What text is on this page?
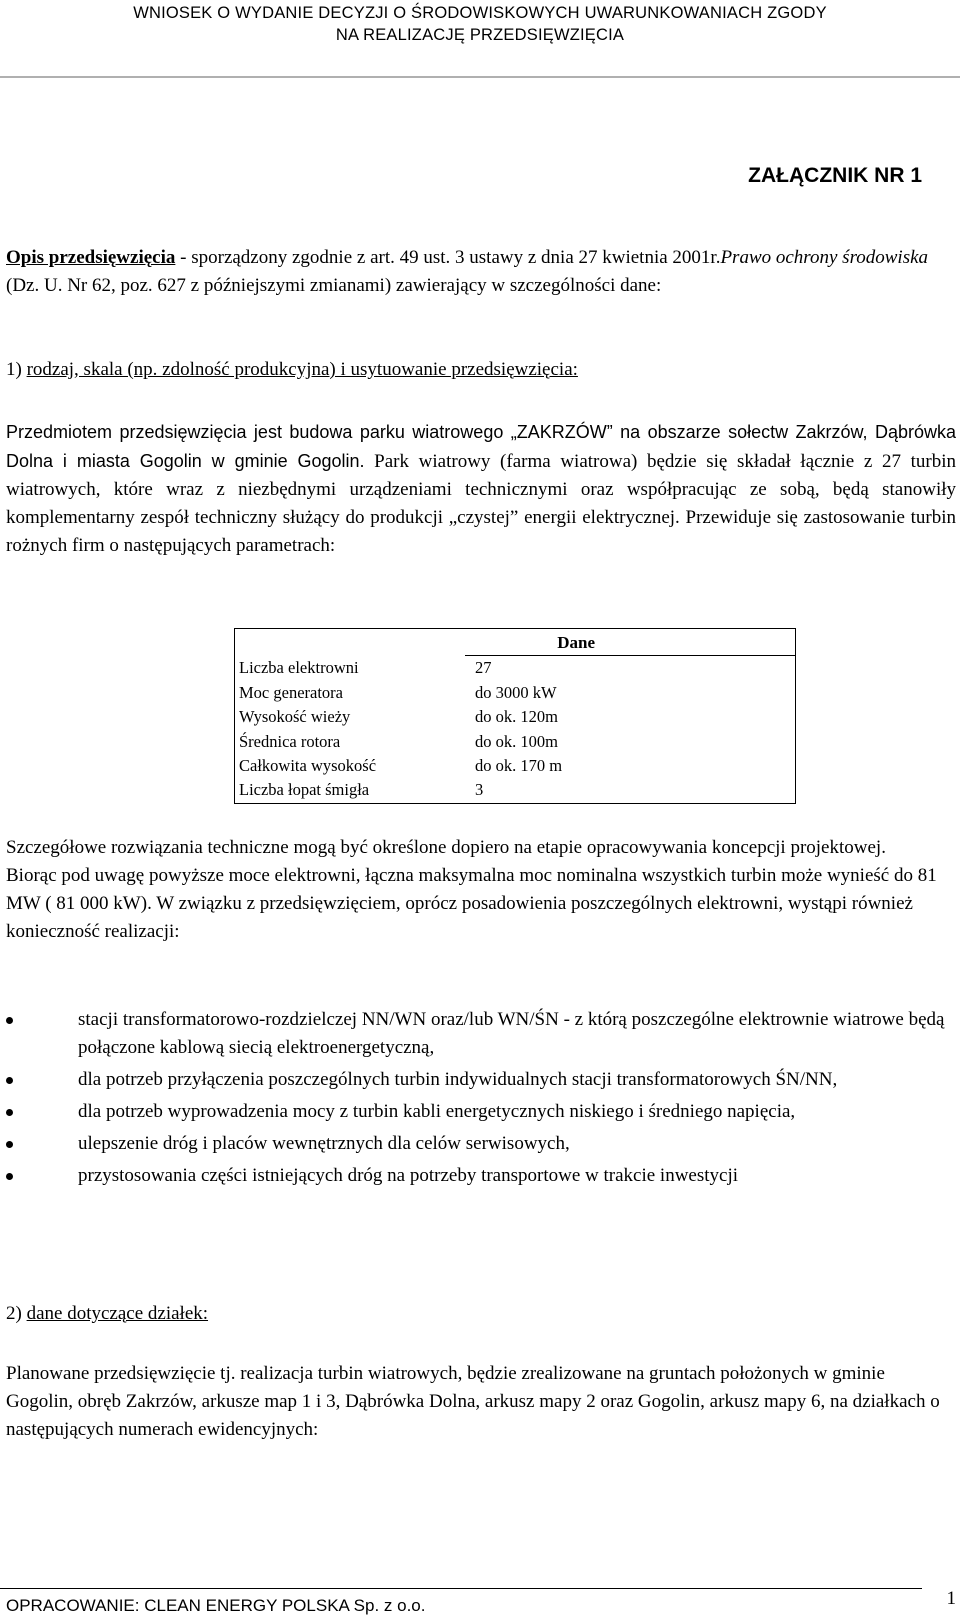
WNIOSEK O WYDANIE DECYZJI O ŚRODOWISKOWYCH UWARUNKOWANIACH ZGODY
NA REALIZACJĘ PRZEDSIĘWZIĘCIA
ZAŁĄCZNIK NR 1
Opis przedsięwzięcia - sporządzony zgodnie z art. 49 ust. 3 ustawy z dnia 27 kwietnia 2001r.Prawo ochrony środowiska (Dz. U. Nr 62, poz. 627 z późniejszymi zmianami) zawierający w szczególności dane:
1) rodzaj, skala (np. zdolność produkcyjna) i usytuowanie przedsięwzięcia:
Przedmiotem przedsięwzięcia jest budowa parku wiatrowego „ZAKRZÓW” na obszarze sołectw Zakrzów, Dąbrówka Dolna i miasta Gogolin w gminie Gogolin. Park wiatrowy (farma wiatrowa) będzie się składał łącznie z 27 turbin wiatrowych, które wraz z niezbędnymi urządzeniami technicznymi oraz współpracując ze sobą, będą stanowiły komplementarny zespół techniczny służący do produkcji „czystej” energii elektrycznej. Przewiduje się zastosowanie turbin rożnych firm o następujących parametrach:
Dane
Liczba elektrowni	27
Moc generatora	do 3000 kW
Wysokość wieży	do ok. 120m
Średnica rotora	do ok. 100m
Całkowita wysokość	do ok. 170 m
Liczba łopat śmigła	3
Szczegółowe rozwiązania techniczne mogą być określone dopiero na etapie opracowywania koncepcji projektowej.
Biorąc pod uwagę powyższe moce elektrowni, łączna maksymalna moc nominalna wszystkich turbin może wynieść do 81 MW ( 81 000 kW). W związku z przedsięwzięciem, oprócz posadowienia poszczególnych elektrowni, wystąpi również konieczność realizacji:
stacji transformatorowo-rozdzielczej NN/WN oraz/lub WN/ŚN - z którą poszczególne elektrownie wiatrowe będą połączone kablową siecią elektroenergetyczną,
dla potrzeb przyłączenia poszczególnych turbin indywidualnych stacji transformatorowych ŚN/NN,
dla potrzeb wyprowadzenia mocy z turbin kabli energetycznych niskiego i średniego napięcia,
ulepszenie dróg i placów wewnętrznych dla celów serwisowych,
przystosowania części istniejących dróg na potrzeby transportowe w trakcie inwestycji
2) dane dotyczące działek:
Planowane przedsięwzięcie tj. realizacja turbin wiatrowych, będzie zrealizowane na gruntach położonych w gminie Gogolin, obręb Zakrzów, arkusze map 1 i 3, Dąbrówka Dolna, arkusz mapy 2 oraz Gogolin, arkusz mapy 6, na działkach o następujących numerach ewidencyjnych:
OPRACOWANIE: CLEAN ENERGY POLSKA Sp. z o.o.	1
